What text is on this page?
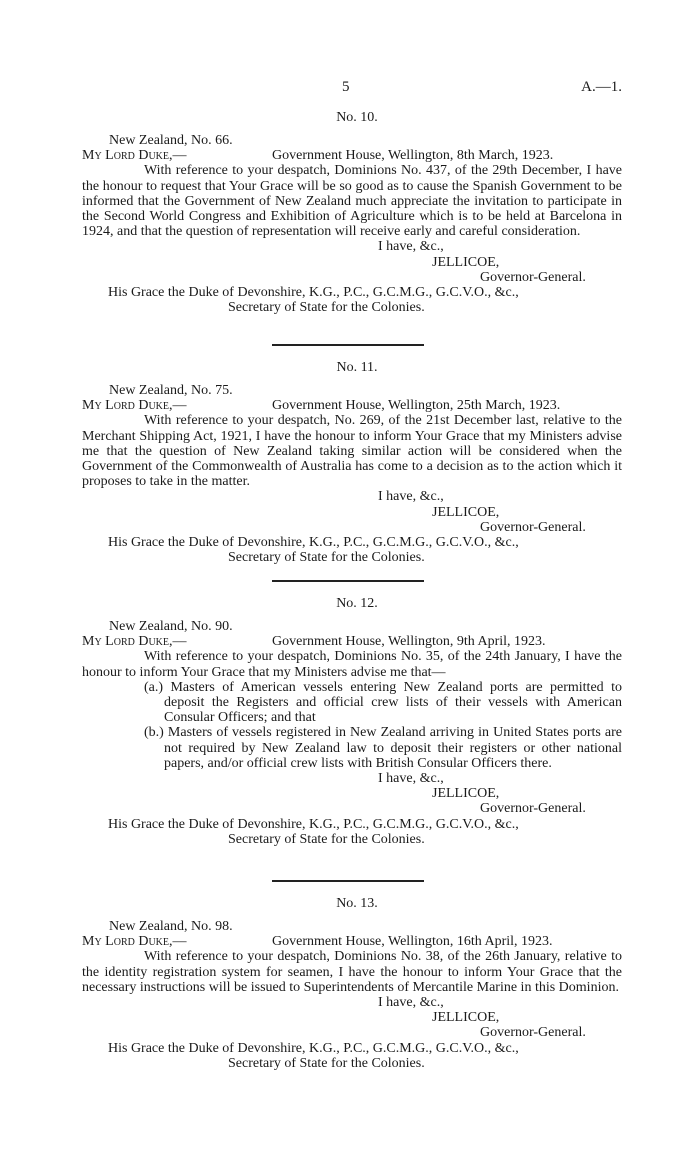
5	A.—1.
No. 10.
New Zealand, No. 66.
My Lord Duke,—	Government House, Wellington, 8th March, 1923.

With reference to your despatch, Dominions No. 437, of the 29th December, I have the honour to request that Your Grace will be so good as to cause the Spanish Government to be informed that the Government of New Zealand much appreciate the invitation to participate in the Second World Congress and Exhibition of Agriculture which is to be held at Barcelona in 1924, and that the question of representation will receive early and careful consideration.

I have, &c.,
JELLICOE,
Governor-General.
His Grace the Duke of Devonshire, K.G., P.C., G.C.M.G., G.C.V.O., &c.,
Secretary of State for the Colonies.
No. 11.
New Zealand, No. 75.
My Lord Duke,—	Government House, Wellington, 25th March, 1923.

With reference to your despatch, No. 269, of the 21st December last, relative to the Merchant Shipping Act, 1921, I have the honour to inform Your Grace that my Ministers advise me that the question of New Zealand taking similar action will be considered when the Government of the Commonwealth of Australia has come to a decision as to the action which it proposes to take in the matter.

I have, &c.,
JELLICOE,
Governor-General.
His Grace the Duke of Devonshire, K.G., P.C., G.C.M.G., G.C.V.O., &c.,
Secretary of State for the Colonies.
No. 12.
New Zealand, No. 90.
My Lord Duke,—	Government House, Wellington, 9th April, 1923.

With reference to your despatch, Dominions No. 35, of the 24th January, I have the honour to inform Your Grace that my Ministers advise me that—

(a.) Masters of American vessels entering New Zealand ports are permitted to deposit the Registers and official crew lists of their vessels with American Consular Officers; and that

(b.) Masters of vessels registered in New Zealand arriving in United States ports are not required by New Zealand law to deposit their registers or other national papers, and/or official crew lists with British Consular Officers there.

I have, &c.,
JELLICOE,
Governor-General.
His Grace the Duke of Devonshire, K.G., P.C., G.C.M.G., G.C.V.O., &c.,
Secretary of State for the Colonies.
No. 13.
New Zealand, No. 98.
My Lord Duke,—	Government House, Wellington, 16th April, 1923.

With reference to your despatch, Dominions No. 38, of the 26th January, relative to the identity registration system for seamen, I have the honour to inform Your Grace that the necessary instructions will be issued to Superintendents of Mercantile Marine in this Dominion.

I have, &c.,
JELLICOE,
Governor-General.
His Grace the Duke of Devonshire, K.G., P.C., G.C.M.G., G.C.V.O., &c.,
Secretary of State for the Colonies.
